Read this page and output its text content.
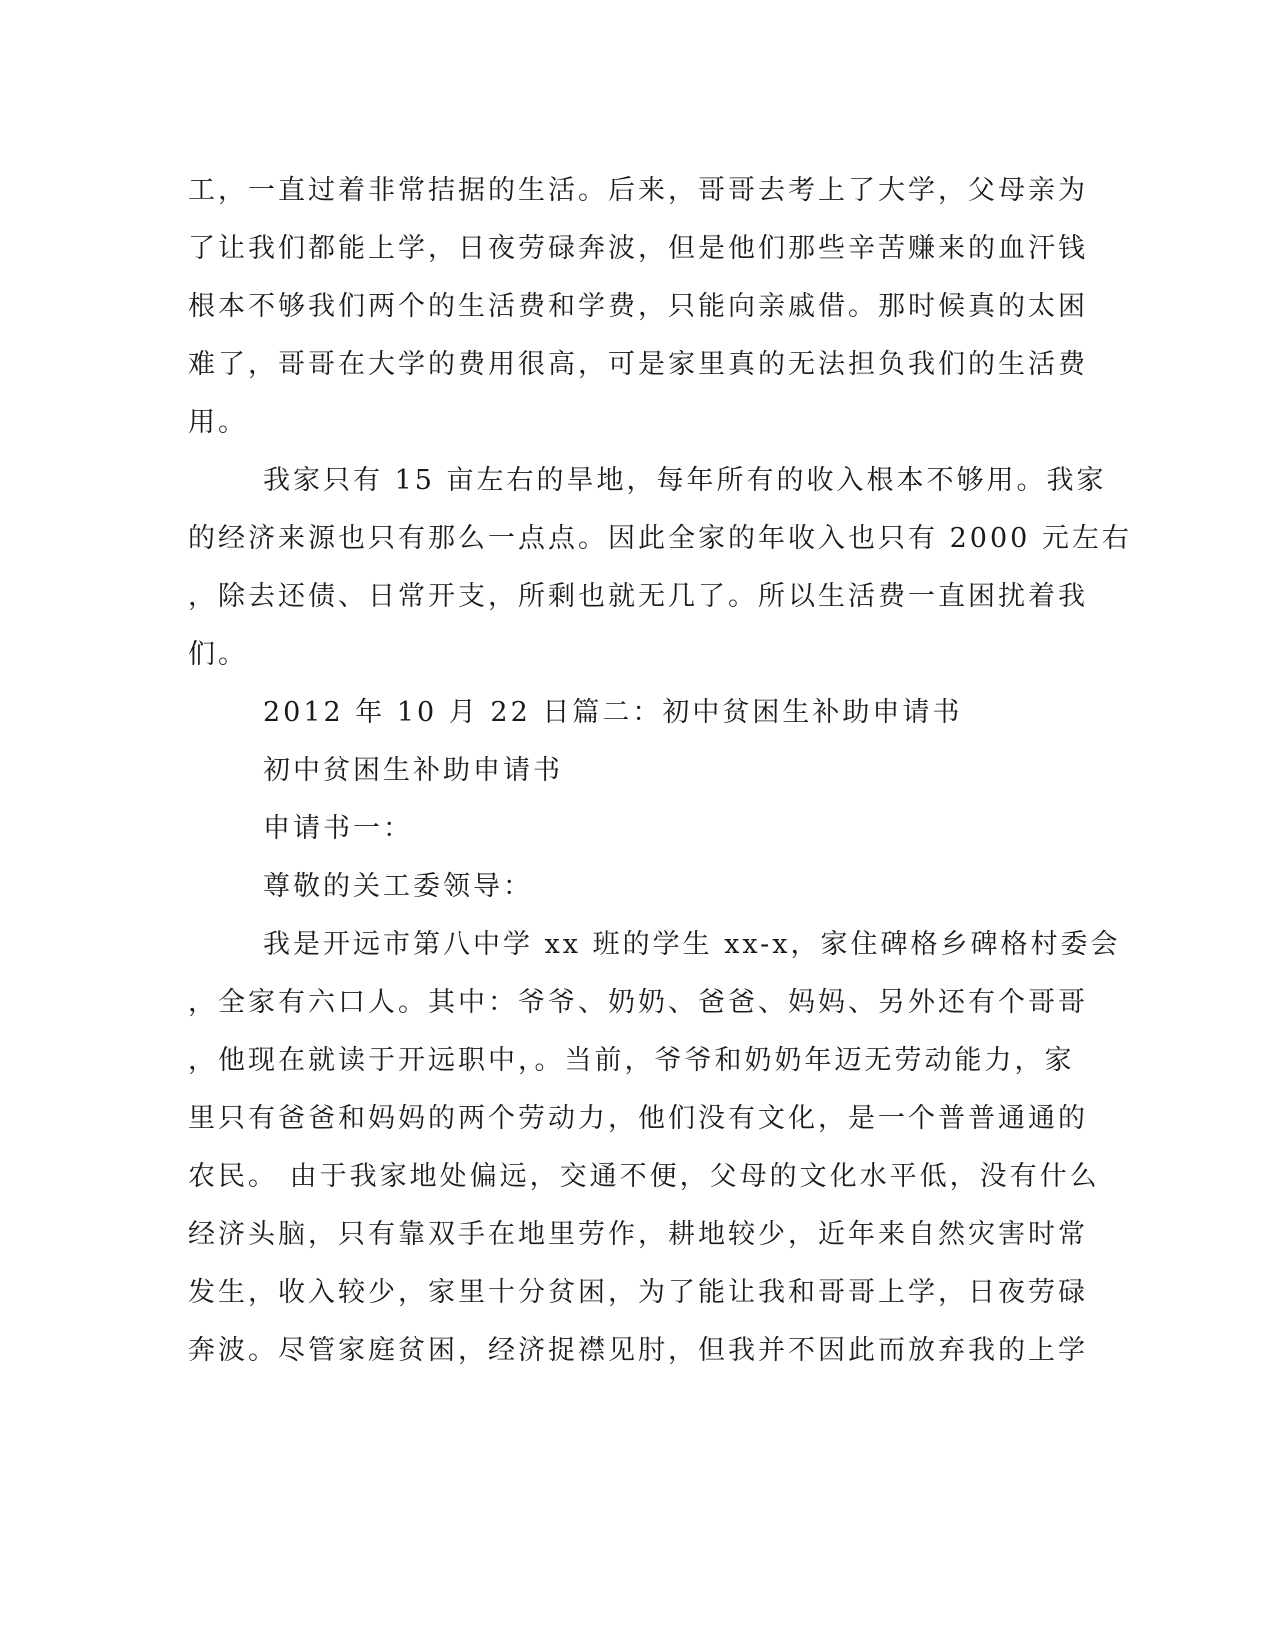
工，一直过着非常拮据的生活。后来，哥哥去考上了大学，父母亲为
了让我们都能上学，日夜劳碌奔波，但是他们那些辛苦赚来的血汗钱
根本不够我们两个的生活费和学费，只能向亲戚借。那时候真的太困
难了，哥哥在大学的费用很高，可是家里真的无法担负我们的生活费
用。
我家只有 15 亩左右的旱地，每年所有的收入根本不够用。我家
的经济来源也只有那么一点点。因此全家的年收入也只有 2000 元左右
，除去还债、日常开支，所剩也就无几了。所以生活费一直困扰着我
们。
2012 年 10 月 22 日篇二：初中贫困生补助申请书
初中贫困生补助申请书
申请书一：
尊敬的关工委领导：
我是开远市第八中学 xx 班的学生 xx-x，家住碑格乡碑格村委会
，全家有六口人。其中：爷爷、奶奶、爸爸、妈妈、另外还有个哥哥
，他现在就读于开远职中，。当前，爷爷和奶奶年迈无劳动能力，家
里只有爸爸和妈妈的两个劳动力，他们没有文化，是一个普普通通的
农民。 由于我家地处偏远，交通不便，父母的文化水平低，没有什么
经济头脑，只有靠双手在地里劳作，耕地较少，近年来自然灾害时常
发生，收入较少，家里十分贫困，为了能让我和哥哥上学，日夜劳碌
奔波。尽管家庭贫困，经济捉襟见肘，但我并不因此而放弃我的上学
